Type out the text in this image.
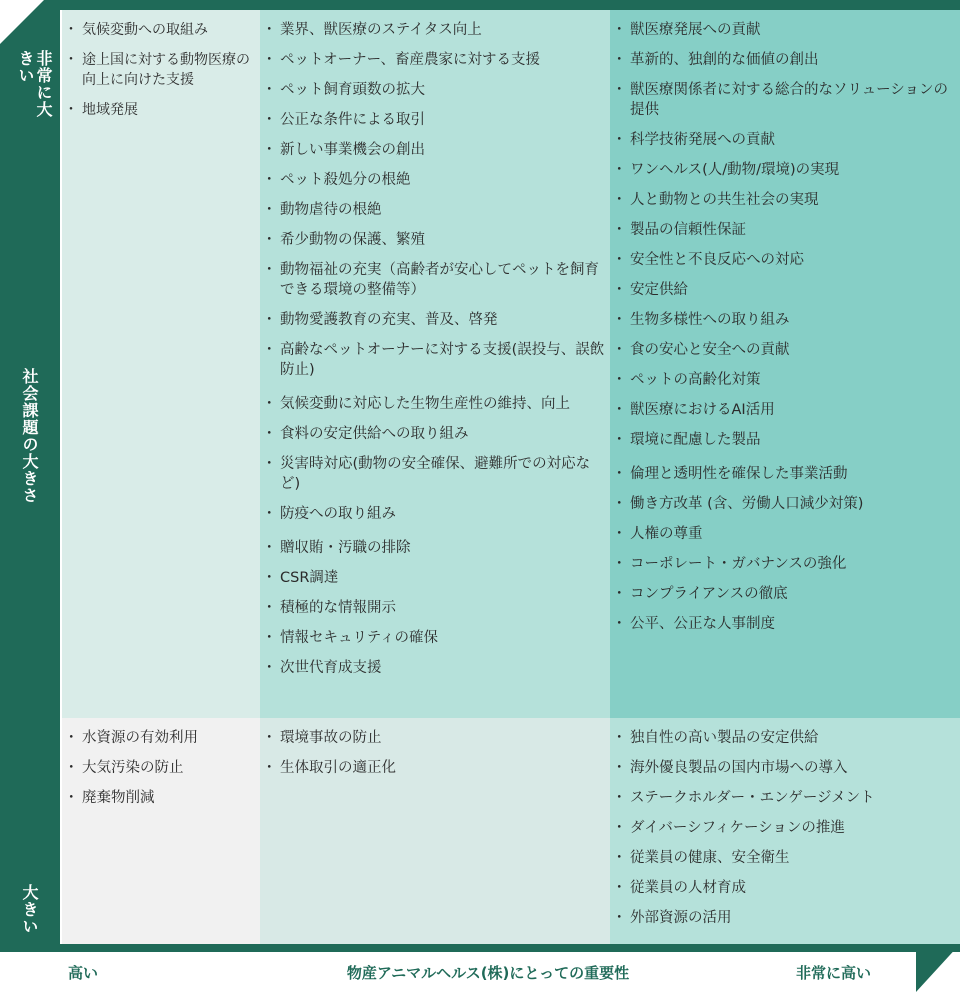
非常に大きい
社会課題の大きさ
大きい
・ 気候変動への取組み
・ 途上国に対する動物医療の向上に向けた支援
・ 地域発展
・ 業界、獣医療のステイタス向上
・ ペットオーナー、畜産農家に対する支援
・ ペット飼育頭数の拡大
・ 公正な条件による取引
・ 新しい事業機会の創出
・ ペット殺処分の根絶
・ 動物虐待の根絶
・ 希少動物の保護、繁殖
・ 動物福祉の充実（高齢者が安心してペットを飼育できる環境の整備等）
・ 動物愛護教育の充実、普及、啓発
・ 高齢なペットオーナーに対する支援(誤投与、誤飲防止)
・ 気候変動に対応した生物生産性の維持、向上
・ 食料の安定供給への取り組み
・ 災害時対応(動物の安全確保、避難所での対応など)
・ 防疫への取り組み
・ 贈収賄・汚職の排除
・ CSR調達
・ 積極的な情報開示
・ 情報セキュリティの確保
・ 次世代育成支援
・ 獣医療発展への貢献
・ 革新的、独創的な価値の創出
・ 獣医療関係者に対する総合的なソリューションの提供
・ 科学技術発展への貢献
・ ワンヘルス(人/動物/環境)の実現
・ 人と動物との共生社会の実現
・ 製品の信頼性保証
・ 安全性と不良反応への対応
・ 安定供給
・ 生物多様性への取り組み
・ 食の安心と安全への貢献
・ ペットの高齢化対策
・ 獣医療におけるAI活用
・ 環境に配慮した製品
・ 倫理と透明性を確保した事業活動
・ 働き方改革 (含、労働人口減少対策)
・ 人権の尊重
・ コーポレート・ガバナンスの強化
・ コンプライアンスの徹底
・ 公平、公正な人事制度
・ 水資源の有効利用
・ 大気汚染の防止
・ 廃棄物削減
・ 環境事故の防止
・ 生体取引の適正化
・ 独自性の高い製品の安定供給
・ 海外優良製品の国内市場への導入
・ ステークホルダー・エンゲージメント
・ ダイバーシフィケーションの推進
・ 従業員の健康、安全衛生
・ 従業員の人材育成
・ 外部資源の活用
高い	物産アニマルヘルス(株)にとっての重要性	非常に高い
